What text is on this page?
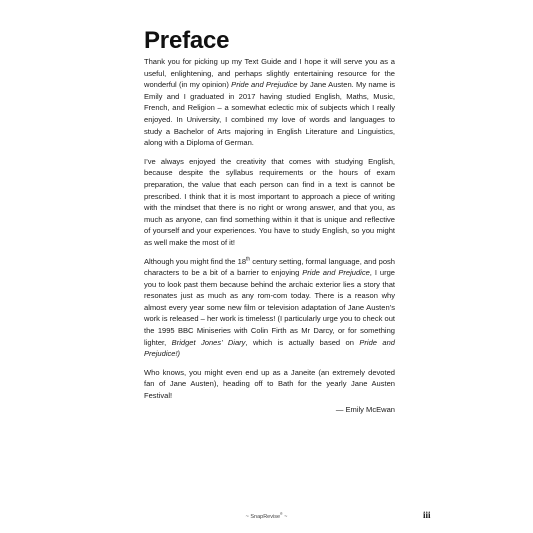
Preface

Thank you for picking up my Text Guide and I hope it will serve you as a useful, enlightening, and perhaps slightly entertaining resource for the wonderful (in my opinion) Pride and Prejudice by Jane Austen. My name is Emily and I graduated in 2017 having studied English, Maths, Music, French, and Religion – a somewhat eclectic mix of subjects which I really enjoyed. In University, I combined my love of words and languages to study a Bachelor of Arts majoring in English Literature and Linguistics, along with a Diploma of German.

I’ve always enjoyed the creativity that comes with studying English, because despite the syllabus requirements or the hours of exam preparation, the value that each person can find in a text is cannot be prescribed. I think that it is most important to approach a piece of writing with the mindset that there is no right or wrong answer, and that you, as much as anyone, can find something within it that is unique and reflective of yourself and your experiences. You have to study English, so you might as well make the most of it!

Although you might find the 18th century setting, formal language, and posh characters to be a bit of a barrier to enjoying Pride and Prejudice, I urge you to look past them because behind the archaic exterior lies a story that resonates just as much as any rom-com today. There is a reason why almost every year some new film or television adaptation of Jane Austen’s work is released – her work is timeless! (I particularly urge you to check out the 1995 BBC Miniseries with Colin Firth as Mr Darcy, or for something lighter, Bridget Jones’ Diary, which is actually based on Pride and Prejudice!)

Who knows, you might even end up as a Janeite (an extremely devoted fan of Jane Austen), heading off to Bath for the yearly Jane Austen Festival!

— Emily McEwan
~ SnapRevise® ~	iii
